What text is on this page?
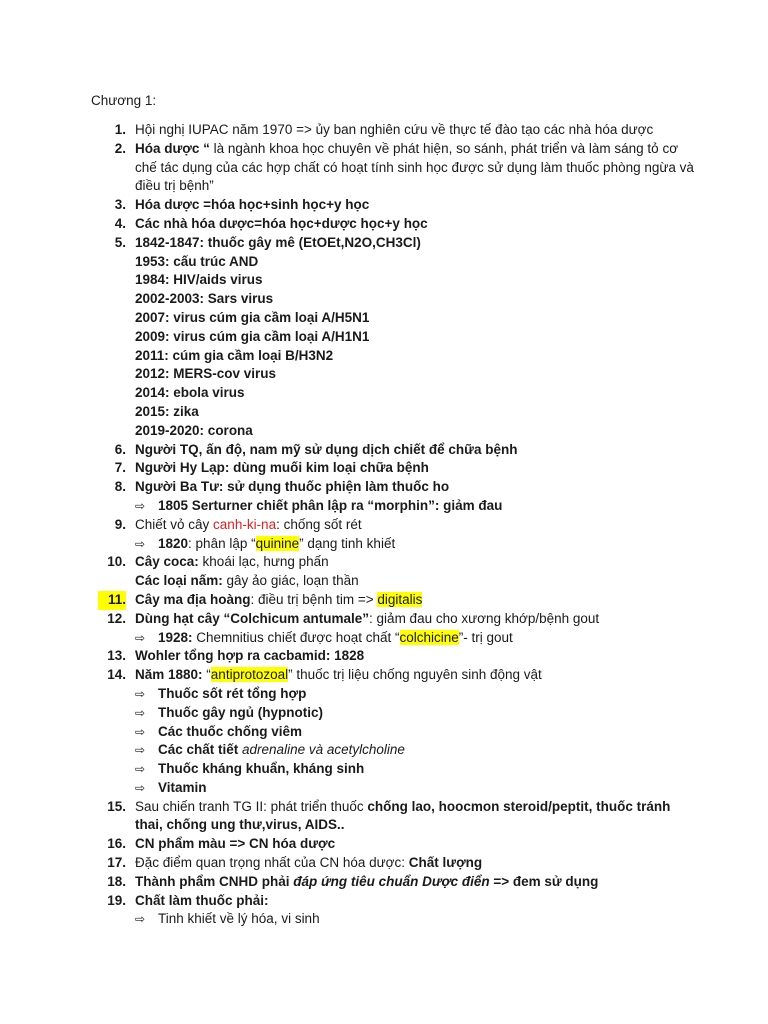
Chương 1:
1. Hội nghị IUPAC năm 1970 => ủy ban nghiên cứu về thực tế đào tạo các nhà hóa dược
2. Hóa dược “ là ngành khoa học chuyên về phát hiện, so sánh, phát triển và làm sáng tỏ cơ chế tác dụng của các hợp chất có hoạt tính sinh học được sử dụng làm thuốc phòng ngừa và điều trị bệnh”
3. Hóa dược =hóa học+sinh học+y học
4. Các nhà hóa dược=hóa học+dược học+y học
5. 1842-1847: thuốc gây mê (EtOEt,N2O,CH3Cl)
1953: cấu trúc AND
1984: HIV/aids virus
2002-2003: Sars virus
2007: virus cúm gia cầm loại A/H5N1
2009: virus cúm gia cầm loại A/H1N1
2011: cúm gia cầm loại B/H3N2
2012: MERS-cov virus
2014: ebola virus
2015: zika
2019-2020: corona
6. Người TQ, ấn độ, nam mỹ sử dụng dịch chiết để chữa bệnh
7. Người Hy Lạp: dùng muối kim loại chữa bệnh
8. Người Ba Tư: sử dụng thuốc phiện làm thuốc ho
⇨ 1805 Serturner chiết phân lập ra “morphin”: giảm đau
9. Chiết vỏ cây canh-ki-na: chống sốt rét
⇨ 1820: phân lập “quinine” dạng tinh khiết
10. Cây coca: khoái lạc, hưng phấn
Các loại nấm: gây ảo giác, loạn thần
11. Cây ma địa hoàng: điều trị bệnh tim => digitalis
12. Dùng hạt cây “Colchicum antumale”: giảm đau cho xương khớp/bệnh gout
⇨ 1928: Chemnitius chiết được hoạt chất “colchicine”- trị gout
13. Wohler tổng hợp ra cacbamid: 1828
14. Năm 1880: “antiprotozoal” thuốc trị liệu chống nguyên sinh động vật
⇨ Thuốc sốt rét tổng hợp
⇨ Thuốc gây ngủ (hypnotic)
⇨ Các thuốc chống viêm
⇨ Các chất tiết adrenaline và acetylcholine
⇨ Thuốc kháng khuẩn, kháng sinh
⇨ Vitamin
15. Sau chiến tranh TG II: phát triển thuốc chống lao, hoocmon steroid/peptit, thuốc tránh thai, chống ung thư,virus, AIDS..
16. CN phẩm màu => CN hóa dược
17. Đặc điểm quan trọng nhất của CN hóa dược: Chất lượng
18. Thành phẩm CNHD phải đáp ứng tiêu chuẩn Dược điển => đem sử dụng
19. Chất làm thuốc phải:
⇨ Tinh khiết về lý hóa, vi sinh
